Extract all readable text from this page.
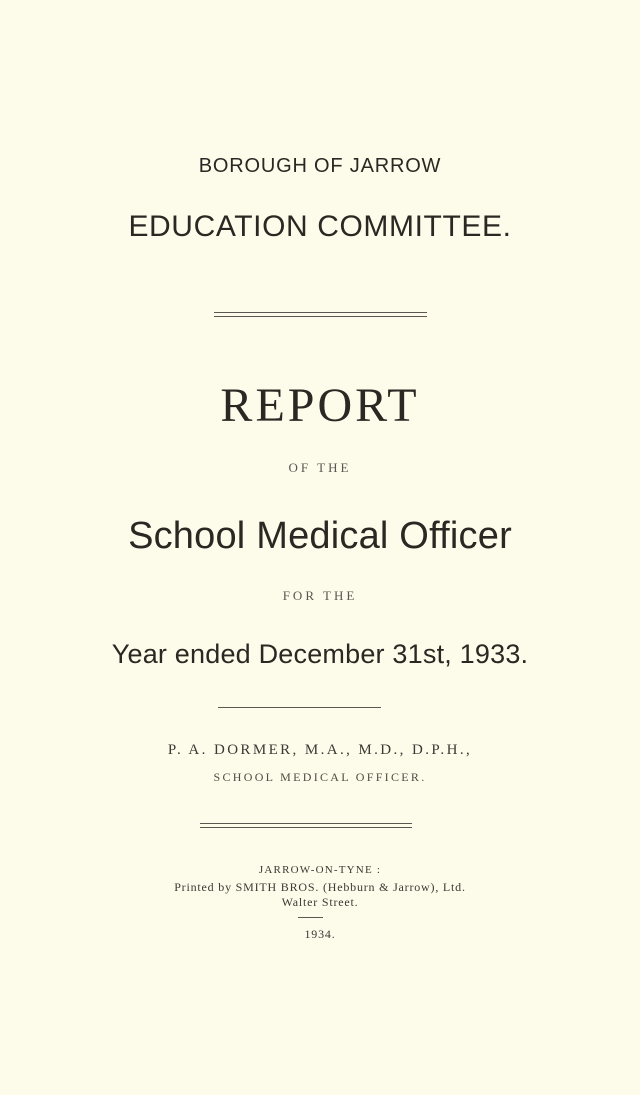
BOROUGH OF JARROW
EDUCATION COMMITTEE.
REPORT
OF THE
School Medical Officer
FOR THE
Year ended December 31st, 1933.
P. A. DORMER, M.A., M.D., D.P.H.,
SCHOOL MEDICAL OFFICER.
JARROW-ON-TYNE :
Printed by SMITH BROS. (Hebburn & Jarrow), Ltd.
Walter Street.
1934.
